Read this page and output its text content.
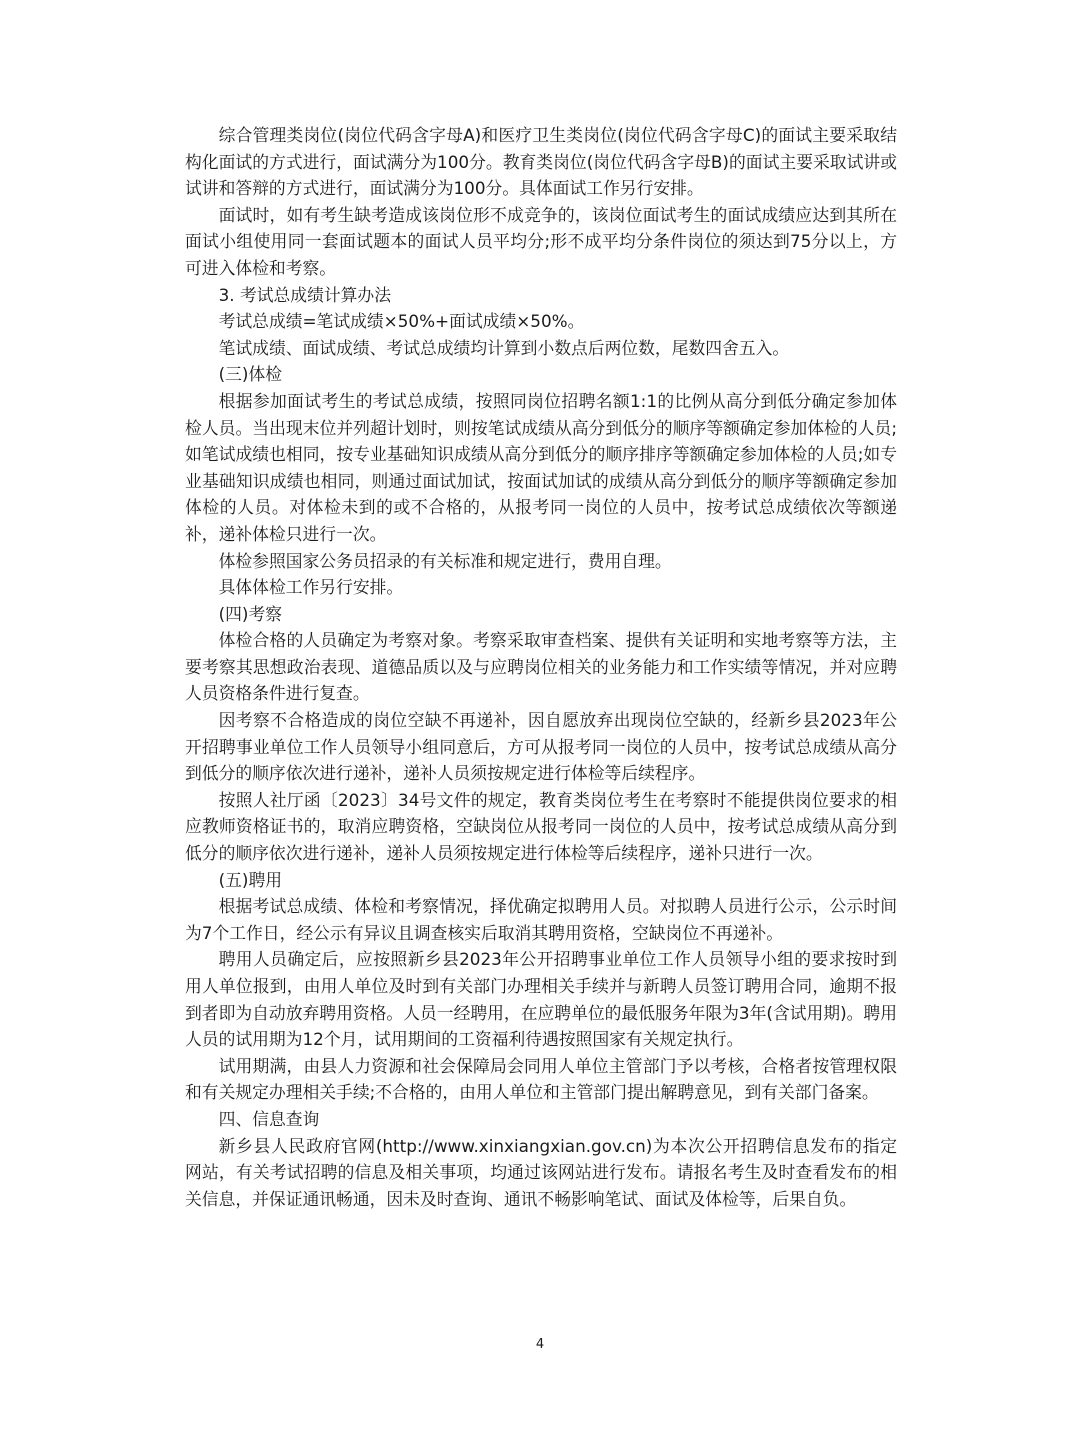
综合管理类岗位(岗位代码含字母A)和医疗卫生类岗位(岗位代码含字母C)的面试主要采取结构化面试的方式进行，面试满分为100分。教育类岗位(岗位代码含字母B)的面试主要采取试讲或试讲和答辩的方式进行，面试满分为100分。具体面试工作另行安排。

面试时，如有考生缺考造成该岗位形不成竞争的，该岗位面试考生的面试成绩应达到其所在面试小组使用同一套面试题本的面试人员平均分;形不成平均分条件岗位的须达到75分以上，方可进入体检和考察。

3. 考试总成绩计算办法

考试总成绩=笔试成绩×50%+面试成绩×50%。

笔试成绩、面试成绩、考试总成绩均计算到小数点后两位数，尾数四舍五入。

(三)体检

根据参加面试考生的考试总成绩，按照同岗位招聘名额1:1的比例从高分到低分确定参加体检人员。当出现末位并列超计划时，则按笔试成绩从高分到低分的顺序等额确定参加体检的人员;如笔试成绩也相同，按专业基础知识成绩从高分到低分的顺序排序等额确定参加体检的人员;如专业基础知识成绩也相同，则通过面试加试，按面试加试的成绩从高分到低分的顺序等额确定参加体检的人员。对体检未到的或不合格的，从报考同一岗位的人员中，按考试总成绩依次等额递补，递补体检只进行一次。

体检参照国家公务员招录的有关标准和规定进行，费用自理。

具体体检工作另行安排。

(四)考察

体检合格的人员确定为考察对象。考察采取审查档案、提供有关证明和实地考察等方法，主要考察其思想政治表现、道德品质以及与应聘岗位相关的业务能力和工作实绩等情况，并对应聘人员资格条件进行复查。

因考察不合格造成的岗位空缺不再递补，因自愿放弃出现岗位空缺的，经新乡县2023年公开招聘事业单位工作人员领导小组同意后，方可从报考同一岗位的人员中，按考试总成绩从高分到低分的顺序依次进行递补，递补人员须按规定进行体检等后续程序。

按照人社厅函〔2023〕34号文件的规定，教育类岗位考生在考察时不能提供岗位要求的相应教师资格证书的，取消应聘资格，空缺岗位从报考同一岗位的人员中，按考试总成绩从高分到低分的顺序依次进行递补，递补人员须按规定进行体检等后续程序，递补只进行一次。

(五)聘用

根据考试总成绩、体检和考察情况，择优确定拟聘用人员。对拟聘人员进行公示，公示时间为7个工作日，经公示有异议且调查核实后取消其聘用资格，空缺岗位不再递补。

聘用人员确定后，应按照新乡县2023年公开招聘事业单位工作人员领导小组的要求按时到用人单位报到，由用人单位及时到有关部门办理相关手续并与新聘人员签订聘用合同，逾期不报到者即为自动放弃聘用资格。人员一经聘用，在应聘单位的最低服务年限为3年(含试用期)。聘用人员的试用期为12个月，试用期间的工资福利待遇按照国家有关规定执行。

试用期满，由县人力资源和社会保障局会同用人单位主管部门予以考核，合格者按管理权限和有关规定办理相关手续;不合格的，由用人单位和主管部门提出解聘意见，到有关部门备案。

四、信息查询

新乡县人民政府官网(http://www.xinxiangxian.gov.cn)为本次公开招聘信息发布的指定网站，有关考试招聘的信息及相关事项，均通过该网站进行发布。请报名考生及时查看发布的相关信息，并保证通讯畅通，因未及时查询、通讯不畅影响笔试、面试及体检等，后果自负。

4
